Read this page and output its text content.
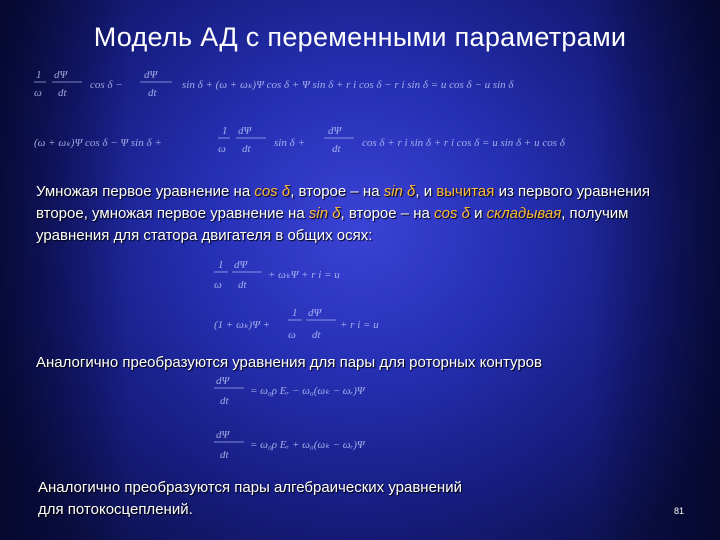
Модель АД с переменными параметрами
1
ω
dΨ
dt
cos δ −
dΨ
dt
sin δ + (ω + ωₖ)Ψ cos δ + Ψ sin δ + r i cos δ − r i sin δ = u cos δ − u sin δ
(ω + ωₖ)Ψ cos δ − Ψ sin δ +
1
ω
dΨ
dt sin δ +
dΨ
dt cos δ + r i sin δ + r i cos δ = u sin δ + u cos δ

Умножая первое уравнение на cos δ, второе – на sin δ, и вычитая из первого уравнения второе, умножая первое уравнение на sin δ, второе – на cos δ и складывая, получим уравнения для статора двигателя в общих осях:

1
ω
dΨ
dt
+ ωₖΨ + r i = u
(1 + ωₖ)Ψ +
1
ω
dΨ
dt
+ r i = u

Аналогично преобразуются уравнения для пары для роторных контуров

dΨ
dt
= ω₀ρ Eᵣ − ω₀(ωₖ − ωᵣ)Ψ
dΨ
dt
= ω₀ρ Eᵣ + ω₀(ωₖ − ωᵣ)Ψ

Аналогично преобразуются пары алгебраических уравнений
для потокосцеплений.	81
